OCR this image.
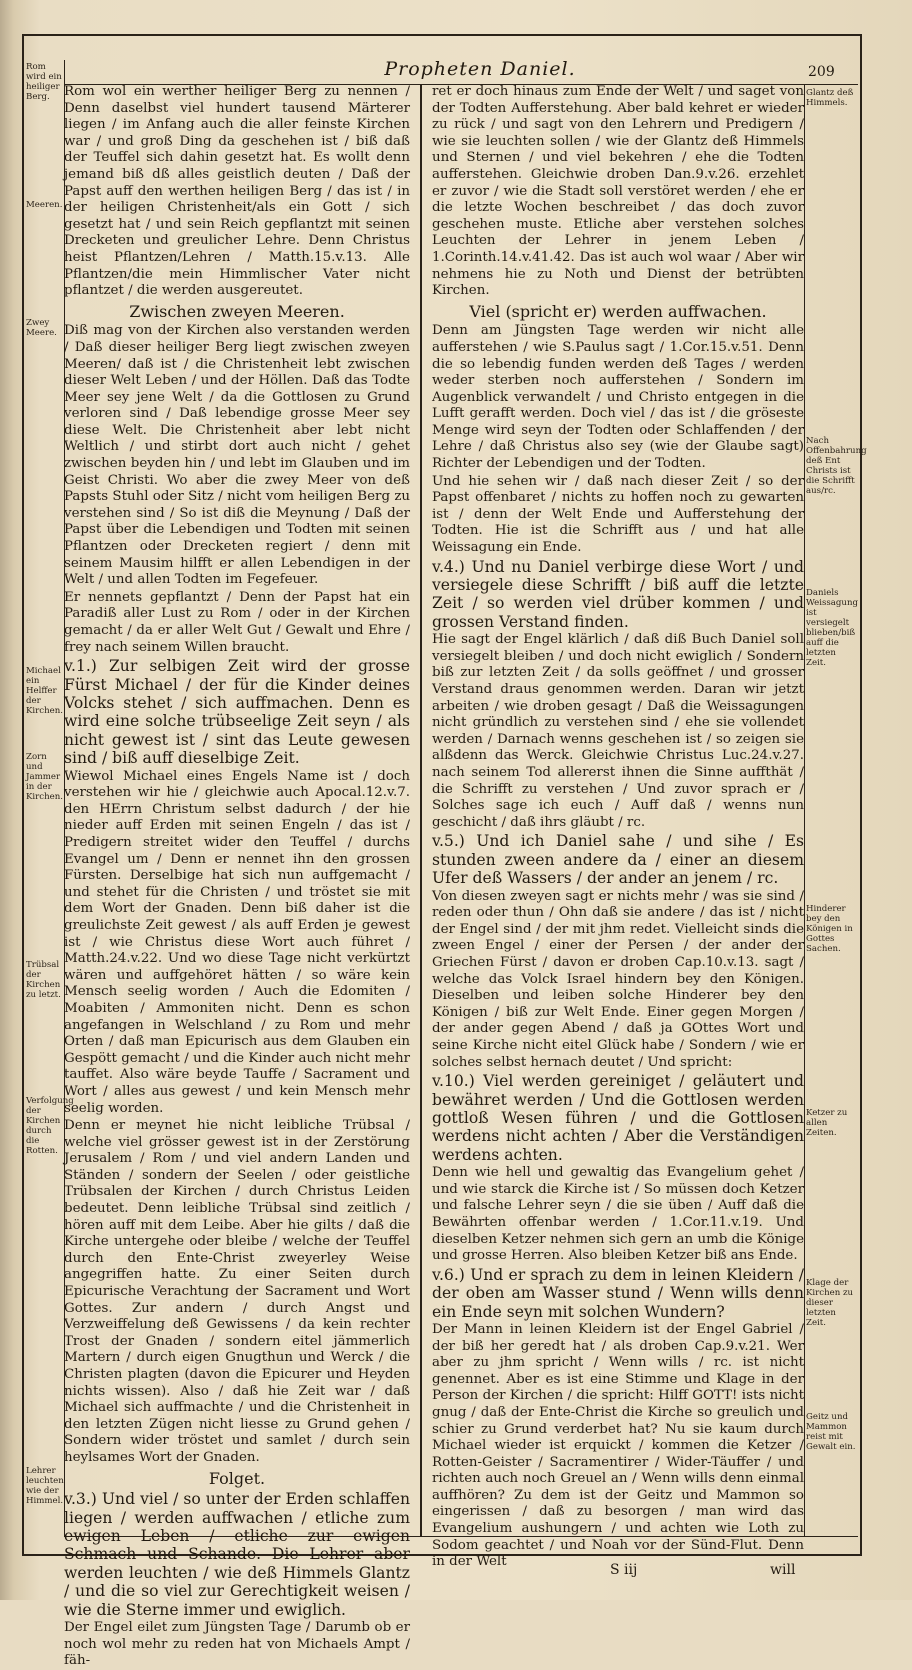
Propheten Daniel.	209
Rom wird ein heiliger Berg.
Meeren.
Zwey Meere.
Michael ein Helffer der Kirchen.
Zorn und Jammer in der Kirchen.
Trübsal der Kirchen zu letzt.
Verfolgung der Kirchen durch die Rotten.
Lehrer leuchten wie der Himmel.

Rom wol ein werther heiliger Berg zu nennen / Denn daselbst viel hundert tausend Märterer liegen / im Anfang auch die aller feinste Kirchen war / und groß Ding da geschehen ist / biß daß der Teuffel sich dahin gesetzt hat. Es wollt denn jemand biß dß alles geistlich deuten / Daß der Papst auff den werthen heiligen Berg / das ist / in der heiligen Christenheit/als ein Gott / sich gesetzt hat / und sein Reich gepflantzt mit seinen Drecketen und greulicher Lehre. Denn Christus heist Pflantzen/Lehren / Matth.15.v.13. Alle Pflantzen/die mein Himmlischer Vater nicht pflantzet / die werden ausgereutet.

Zwischen zweyen Meeren.

Diß mag von der Kirchen also verstanden werden / Daß dieser heiliger Berg liegt zwischen zweyen Meeren/ daß ist / die Christenheit lebt zwischen dieser Welt Leben / und der Höllen. Daß das Todte Meer sey jene Welt / da die Gottlosen zu Grund verloren sind / Daß lebendige grosse Meer sey diese Welt. Die Christenheit aber lebt nicht Weltlich / und stirbt dort auch nicht / gehet zwischen beyden hin / und lebt im Glauben und im Geist Christi. Wo aber die zwey Meer von deß Papsts Stuhl oder Sitz / nicht vom heiligen Berg zu verstehen sind / So ist diß die Meynung / Daß der Papst über die Lebendigen und Todten mit seinen Pflantzen oder Drecketen regiert / denn mit seinem Mausim hilfft er allen Lebendigen in der Welt / und allen Todten im Fegefeuer.

Er nennets gepflantzt / Denn der Papst hat ein Paradiß aller Lust zu Rom / oder in der Kirchen gemacht / da er aller Welt Gut / Gewalt und Ehre / frey nach seinem Willen braucht.

v.1.) Zur selbigen Zeit wird der grosse Fürst Michael / der für die Kinder deines Volcks stehet / sich auffmachen. Denn es wird eine solche trübseelige Zeit seyn / als nicht gewest ist / sint das Leute gewesen sind / biß auff dieselbige Zeit.

Wiewol Michael eines Engels Name ist / doch verstehen wir hie / gleichwie auch Apocal.12.v.7. den HErrn Christum selbst dadurch / der hie nieder auff Erden mit seinen Engeln / das ist / Predigern streitet wider den Teuffel / durchs Evangel um / Denn er nennet ihn den grossen Fürsten. Derselbige hat sich nun auffgemacht / und stehet für die Christen / und tröstet sie mit dem Wort der Gnaden. Denn biß daher ist die greulichste Zeit gewest / als auff Erden je gewest ist / wie Christus diese Wort auch führet / Matth.24.v.22. Und wo diese Tage nicht verkürtzt wären und auffgehöret hätten / so wäre kein Mensch seelig worden / Auch die Edomiten / Moabiten / Ammoniten nicht. Denn es schon angefangen in Welschland / zu Rom und mehr Orten / daß man Epicurisch aus dem Glauben ein Gespött gemacht / und die Kinder auch nicht mehr tauffet. Also wäre beyde Tauffe / Sacrament und Wort / alles aus gewest / und kein Mensch mehr seelig worden.

Denn er meynet hie nicht leibliche Trübsal / welche viel grösser gewest ist in der Zerstörung Jerusalem / Rom / und viel andern Landen und Ständen / sondern der Seelen / oder geistliche Trübsalen der Kirchen / durch Christus Leiden bedeutet. Denn leibliche Trübsal sind zeitlich / hören auff mit dem Leibe. Aber hie gilts / daß die Kirche untergehe oder bleibe / welche der Teuffel durch den Ente-Christ zweyerley Weise angegriffen hatte. Zu einer Seiten durch Epicurische Verachtung der Sacrament und Wort Gottes. Zur andern / durch Angst und Verzweiffelung deß Gewissens / da kein rechter Trost der Gnaden / sondern eitel jämmerlich Martern / durch eigen Gnugthun und Werck / die Christen plagten (davon die Epicurer und Heyden nichts wissen). Also / daß hie Zeit war / daß Michael sich auffmachte / und die Christenheit in den letzten Zügen nicht liesse zu Grund gehen / Sondern wider tröstet und samlet / durch sein heylsames Wort der Gnaden.

Folget.

v.3.) Und viel / so unter der Erden schlaffen liegen / werden auffwachen / etliche zum ewigen Leben / etliche zur ewigen Schmach und Schande. Die Lehrer aber werden leuchten / wie deß Himmels Glantz / und die so viel zur Gerechtigkeit weisen / wie die Sterne immer und ewiglich.

Der Engel eilet zum Jüngsten Tage / Darumb ob er noch wol mehr zu reden hat von Michaels Ampt / fäh-

ret er doch hinaus zum Ende der Welt / und saget von der Todten Aufferstehung. Aber bald kehret er wieder zu rück / und sagt von den Lehrern und Predigern / wie sie leuchten sollen / wie der Glantz deß Himmels und Sternen / und viel bekehren / ehe die Todten aufferstehen. Gleichwie droben Dan.9.v.26. erzehlet er zuvor / wie die Stadt soll verstöret werden / ehe er die letzte Wochen beschreibet / das doch zuvor geschehen muste. Etliche aber verstehen solches Leuchten der Lehrer in jenem Leben / 1.Corinth.14.v.41.42. Das ist auch wol waar / Aber wir nehmens hie zu Noth und Dienst der betrübten Kirchen.

Viel (spricht er) werden auffwachen.

Denn am Jüngsten Tage werden wir nicht alle aufferstehen / wie S.Paulus sagt / 1.Cor.15.v.51. Denn die so lebendig funden werden deß Tages / werden weder sterben noch aufferstehen / Sondern im Augenblick verwandelt / und Christo entgegen in die Lufft gerafft werden. Doch viel / das ist / die gröseste Menge wird seyn der Todten oder Schlaffenden / der Lehre / daß Christus also sey (wie der Glaube sagt) Richter der Lebendigen und der Todten.

Und hie sehen wir / daß nach dieser Zeit / so der Papst offenbaret / nichts zu hoffen noch zu gewarten ist / denn der Welt Ende und Aufferstehung der Todten. Hie ist die Schrifft aus / und hat alle Weissagung ein Ende.

v.4.) Und nu Daniel verbirge diese Wort / und versiegele diese Schrifft / biß auff die letzte Zeit / so werden viel drüber kommen / und grossen Verstand finden.

Hie sagt der Engel klärlich / daß diß Buch Daniel soll versiegelt bleiben / und doch nicht ewiglich / Sondern biß zur letzten Zeit / da solls geöffnet / und grosser Verstand draus genommen werden. Daran wir jetzt arbeiten / wie droben gesagt / Daß die Weissagungen nicht gründlich zu verstehen sind / ehe sie vollendet werden / Darnach wenns geschehen ist / so zeigen sie alßdenn das Werck. Gleichwie Christus Luc.24.v.27. nach seinem Tod allererst ihnen die Sinne auffthät / die Schrifft zu verstehen / Und zuvor sprach er / Solches sage ich euch / Auff daß / wenns nun geschicht / daß ihrs gläubt / rc.

v.5.) Und ich Daniel sahe / und sihe / Es stunden zween andere da / einer an diesem Ufer deß Wassers / der ander an jenem / rc.

Von diesen zweyen sagt er nichts mehr / was sie sind / reden oder thun / Ohn daß sie andere / das ist / nicht der Engel sind / der mit jhm redet. Vielleicht sinds die zween Engel / einer der Persen / der ander der Griechen Fürst / davon er droben Cap.10.v.13. sagt / welche das Volck Israel hindern bey den Königen. Dieselben und leiben solche Hinderer bey den Königen / biß zur Welt Ende. Einer gegen Morgen / der ander gegen Abend / daß ja GOttes Wort und seine Kirche nicht eitel Glück habe / Sondern / wie er solches selbst hernach deutet / Und spricht:

v.10.) Viel werden gereiniget / geläutert und bewähret werden / Und die Gottlosen werden gottloß Wesen führen / und die Gottlosen werdens nicht achten / Aber die Verständigen werdens achten.

Denn wie hell und gewaltig das Evangelium gehet / und wie starck die Kirche ist / So müssen doch Ketzer und falsche Lehrer seyn / die sie üben / Auff daß die Bewährten offenbar werden / 1.Cor.11.v.19. Und dieselben Ketzer nehmen sich gern an umb die Könige und grosse Herren. Also bleiben Ketzer biß ans Ende.

v.6.) Und er sprach zu dem in leinen Kleidern / der oben am Wasser stund / Wenn wills denn ein Ende seyn mit solchen Wundern?

Der Mann in leinen Kleidern ist der Engel Gabriel / der biß her geredt hat / als droben Cap.9.v.21. Wer aber zu jhm spricht / Wenn wills / rc. ist nicht genennet. Aber es ist eine Stimme und Klage in der Person der Kirchen / die spricht: Hilff GOTT! ists nicht gnug / daß der Ente-Christ die Kirche so greulich und schier zu Grund verderbet hat? Nu sie kaum durch Michael wieder ist erquickt / kommen die Ketzer / Rotten-Geister / Sacramentirer / Wider-Täuffer / und richten auch noch Greuel an / Wenn wills denn einmal auffhören? Zu dem ist der Geitz und Mammon so eingerissen / daß zu besorgen / man wird das Evangelium aushungern / und achten wie Loth zu Sodom geachtet / und Noah vor der Sünd-Flut. Denn in der Welt

Glantz deß Himmels.
Nach Offenbahrung deß Ent Christs ist die Schrifft aus/rc.
Daniels Weissagung ist versiegelt blieben/biß auff die letzten Zeit.
Hinderer bey den Königen in Gottes Sachen.
Ketzer zu allen Zeiten.
Klage der Kirchen zu dieser letzten Zeit.
Geitz und Mammon reist mit Gewalt ein.
S iij	will
